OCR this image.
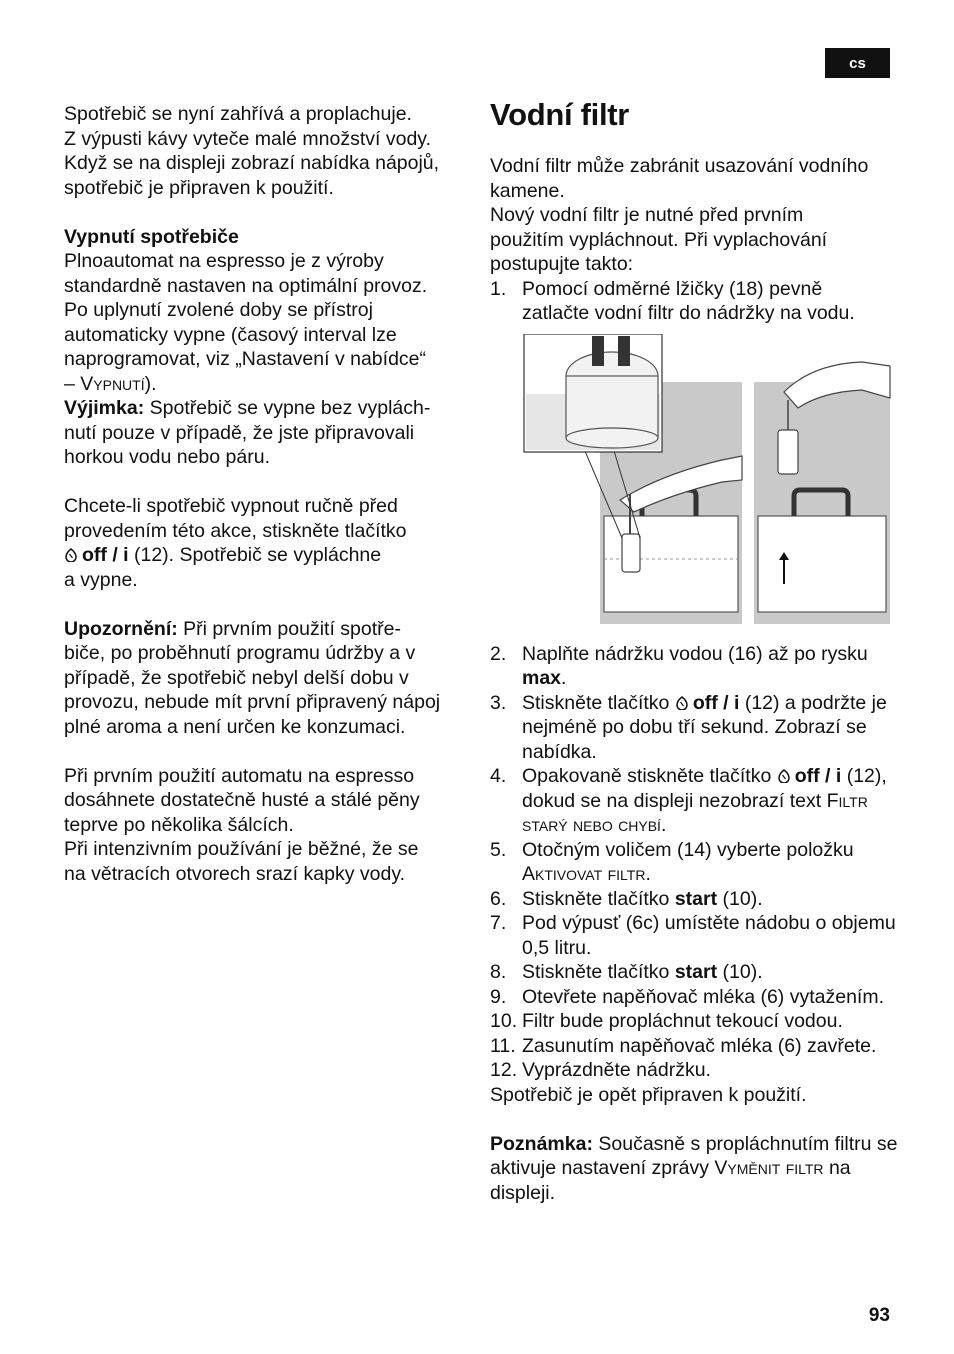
cs

Spotřebič se nyní zahřívá a proplachuje.

Z výpusti kávy vyteče malé množství vody.

Když se na displeji zobrazí nabídka nápojů,

spotřebič je připraven k použití.

Vypnutí spotřebiče

Plnoautomat na espresso je z výroby

standardně nastaven na optimální provoz.

Po uplynutí zvolené doby se přístroj

automaticky vypne (časový interval lze

naprogramovat, viz „Nastavení v nabídce“

– Vypnutí).

Výjimka: Spotřebič se vypne bez vyplách-

nutí pouze v případě, že jste připravovali

horkou vodu nebo páru.

Chcete-li spotřebič vypnout ručně před

provedením této akce, stiskněte tlačítko

off / i (12). Spotřebič se vypláchne

a vypne.

Upozornění: Při prvním použití spotře-

biče, po proběhnutí programu údržby a v

případě, že spotřebič nebyl delší dobu v

provozu, nebude mít první připravený nápoj

plné aroma a není určen ke konzumaci.

Při prvním použití automatu na espresso

dosáhnete dostatečně husté a stálé pěny

teprve po několika šálcích.

Při intenzivním používání je běžné, že se

na větracích otvorech srazí kapky vody.

Vodní filtr

Vodní filtr může zabránit usazování vodního

kamene.

Nový vodní filtr je nutné před prvním

použitím vypláchnout. Při vyplachování

postupujte takto:

1. Pomocí odměrné lžičky (18) pevně
zatlačte vodní filtr do nádržky na vodu.
2. Naplňte nádržku vodou (16) až po rysku max.
3. Stiskněte tlačítko off / i (12) a podržte je nejméně po dobu tří sekund. Zobrazí se nabídka.
4. Opakovaně stiskněte tlačítko off / i (12), dokud se na displeji nezobrazí text Filtr starý nebo chybí.
5. Otočným voličem (14) vyberte položku Aktivovat filtr.
6. Stiskněte tlačítko start (10).
7. Pod výpusť (6c) umístěte nádobu o objemu 0,5 litru.
8. Stiskněte tlačítko start (10).
9. Otevřete napěňovač mléka (6) vytažením.
10. Filtr bude propláchnut tekoucí vodou.
11. Zasunutím napěňovač mléka (6) zavřete.
12. Vyprázdněte nádržku.

Spotřebič je opět připraven k použití.

Poznámka: Současně s propláchnutím filtru se aktivuje nastavení zprávy Vyměnit filtr na displeji.

93
